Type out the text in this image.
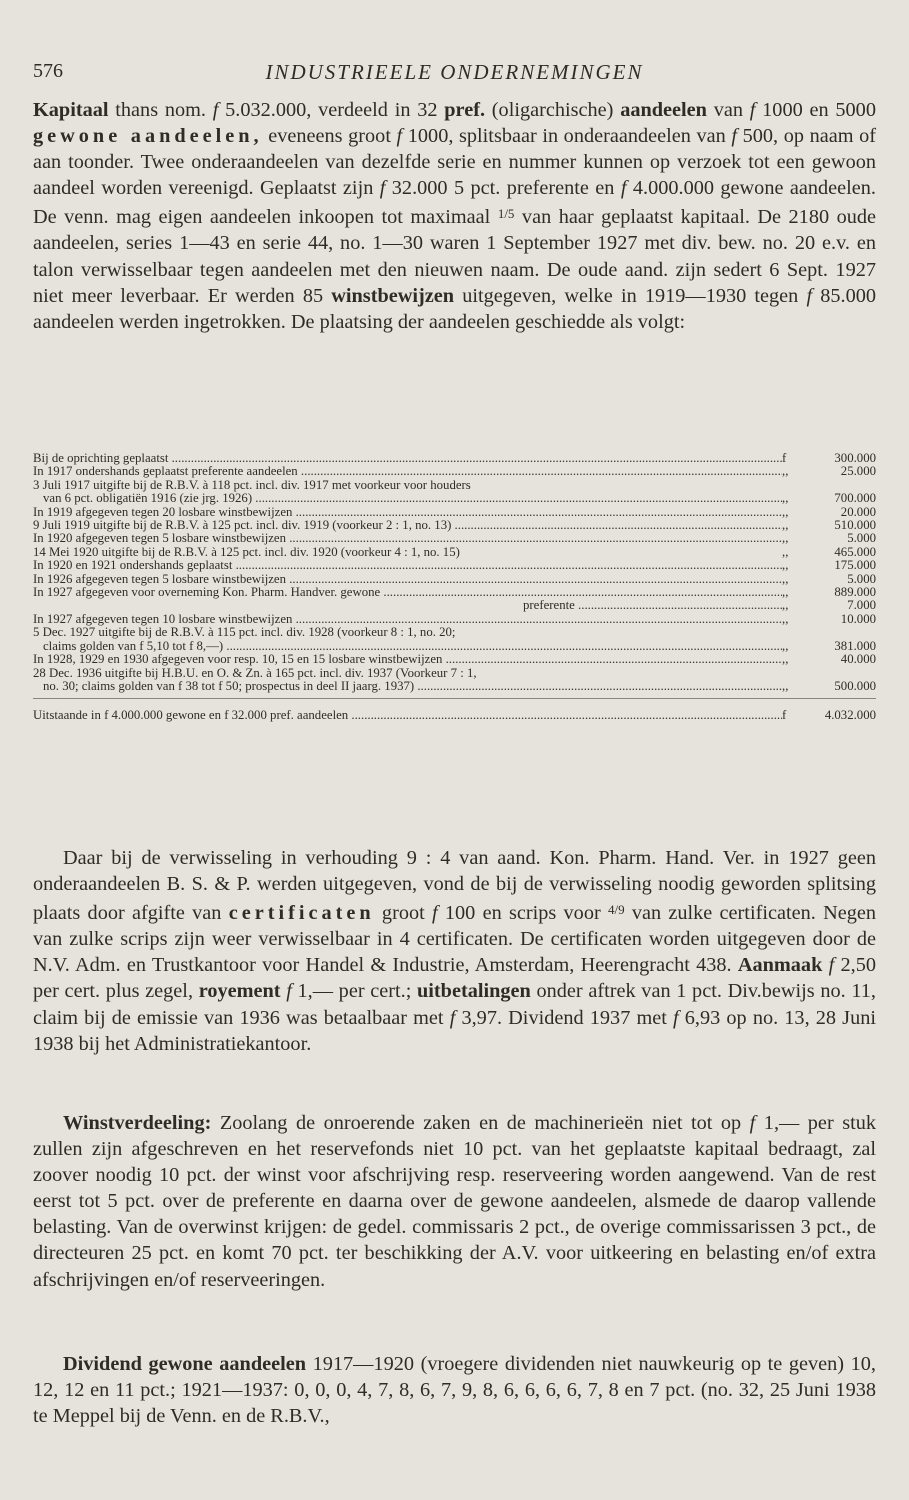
576	INDUSTRIEELE ONDERNEMINGEN

Kapitaal thans nom. f 5.032.000, verdeeld in 32 pref. (oligarchische) aandeelen van f 1000 en 5000 gewone aandeelen, eveneens groot f 1000, splitsbaar in onderaandeelen van f 500, op naam of aan toonder. Twee onderaandeelen van dezelfde serie en nummer kunnen op verzoek tot een gewoon aandeel worden vereenigd. Geplaatst zijn f 32.000 5 pct. preferente en f 4.000.000 gewone aandeelen. De venn. mag eigen aandeelen inkoopen tot maximaal $^{1/5}$ van haar geplaatst kapitaal. De 2180 oude aandeelen, series 1—43 en serie 44, no. 1—30 waren 1 September 1927 met div. bew. no. 20 e.v. en talon verwisselbaar tegen aandeelen met den nieuwen naam. De oude aand. zijn sedert 6 Sept. 1927 niet meer leverbaar. Er werden 85 winstbewijzen uitgegeven, welke in 1919—1930 tegen f 85.000 aandeelen werden ingetrokken. De plaatsing der aandeelen geschiedde als volgt:

Bij de oprichting geplaatst .....	f	300.000
In 1917 ondershands geplaatst preferente aandeelen .....	,,	25.000
3 Juli 1917 uitgifte bij de R.B.V. à 118 pct. incl. div. 1917 met voorkeur voor houders
van 6 pct. obligatiën 1916 (zie jrg. 1926) .....	,,	700.000
In 1919 afgegeven tegen 20 losbare winstbewijzen .....	,,	20.000
9 Juli 1919 uitgifte bij de R.B.V. à 125 pct. incl. div. 1919 (voorkeur 2 : 1, no. 13) .....	,,	510.000
In 1920 afgegeven tegen 5 losbare winstbewijzen .....	,,	5.000
14 Mei 1920 uitgifte bij de R.B.V. à 125 pct. incl. div. 1920 (voorkeur 4 : 1, no. 15)	,,	465.000
In 1920 en 1921 ondershands geplaatst .....	,,	175.000
In 1926 afgegeven tegen 5 losbare winstbewijzen .....	,,	5.000
In 1927 afgegeven voor overneming Kon. Pharm. Handver. gewone .....	,,	889.000
preferente .....	,,	7.000
In 1927 afgegeven tegen 10 losbare winstbewijzen .....	,,	10.000
5 Dec. 1927 uitgifte bij de R.B.V. à 115 pct. incl. div. 1928 (voorkeur 8 : 1, no. 20;
claims golden van f 5,10 tot f 8,—) .....	,,	381.000
In 1928, 1929 en 1930 afgegeven voor resp. 10, 15 en 15 losbare winstbewijzen .....	,,	40.000
28 Dec. 1936 uitgifte bij H.B.U. en O. & Zn. à 165 pct. incl. div. 1937 (Voorkeur 7 : 1,
no. 30; claims golden van f 38 tot f 50; prospectus in deel II jaarg. 1937) .....	,,	500.000
Uitstaande in f 4.000.000 gewone en f 32.000 pref. aandeelen .....	f	4.032.000

Daar bij de verwisseling in verhouding 9 : 4 van aand. Kon. Pharm. Hand. Ver. in 1927 geen onderaandeelen B. S. & P. werden uitgegeven, vond de bij de verwisseling noodig geworden splitsing plaats door afgifte van certificaten groot f 100 en scrips voor $^{4/9}$ van zulke certificaten. Negen van zulke scrips zijn weer verwisselbaar in 4 certificaten. De certificaten worden uitgegeven door de N.V. Adm. en Trustkantoor voor Handel & Industrie, Amsterdam, Heerengracht 438. Aanmaak f 2,50 per cert. plus zegel, royement f 1,— per cert.; uitbetalingen onder aftrek van 1 pct. Div.bewijs no. 11, claim bij de emissie van 1936 was betaalbaar met f 3,97. Dividend 1937 met f 6,93 op no. 13, 28 Juni 1938 bij het Administratiekantoor.

Winstverdeeling: Zoolang de onroerende zaken en de machinerieën niet tot op f 1,— per stuk zullen zijn afgeschreven en het reservefonds niet 10 pct. van het geplaatste kapitaal bedraagt, zal zoover noodig 10 pct. der winst voor afschrijving resp. reserveering worden aangewend. Van de rest eerst tot 5 pct. over de preferente en daarna over de gewone aandeelen, alsmede de daarop vallende belasting. Van de overwinst krijgen: de gedel. commissaris 2 pct., de overige commissarissen 3 pct., de directeuren 25 pct. en komt 70 pct. ter beschikking der A.V. voor uitkeering en belasting en/of extra afschrijvingen en/of reserveeringen.

Dividend gewone aandeelen 1917—1920 (vroegere dividenden niet nauwkeurig op te geven) 10, 12, 12 en 11 pct.; 1921—1937: 0, 0, 0, 4, 7, 8, 6, 7, 9, 8, 6, 6, 6, 6, 7, 8 en 7 pct. (no. 32, 25 Juni 1938 te Meppel bij de Venn. en de R.B.V.,
